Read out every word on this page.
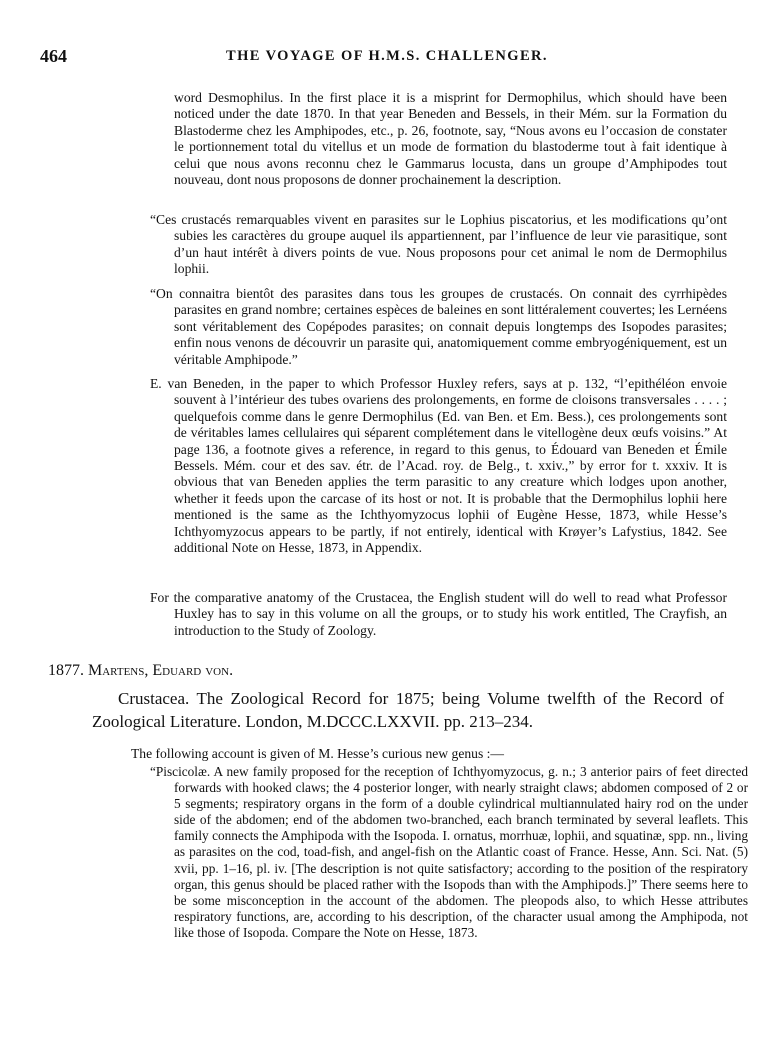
464	THE VOYAGE OF H.M.S. CHALLENGER.

word Desmophilus. In the first place it is a misprint for Dermophilus, which should have been noticed under the date 1870. In that year Beneden and Bessels, in their Mém. sur la Formation du Blastoderme chez les Amphipodes, etc., p. 26, footnote, say, “Nous avons eu l’occasion de constater le portionnement total du vitellus et un mode de formation du blastoderme tout à fait identique à celui que nous avons reconnu chez le Gammarus locusta, dans un groupe d’Amphipodes tout nouveau, dont nous proposons de donner prochainement la description.

“Ces crustacés remarquables vivent en parasites sur le Lophius piscatorius, et les modifications qu’ont subies les caractères du groupe auquel ils appartiennent, par l’influence de leur vie parasitique, sont d’un haut intérêt à divers points de vue. Nous proposons pour cet animal le nom de Dermophilus lophii.

“On connaitra bientôt des parasites dans tous les groupes de crustacés. On connait des cyrrhipèdes parasites en grand nombre; certaines espèces de baleines en sont littéralement couvertes; les Lernéens sont véritablement des Copépodes parasites; on connait depuis longtemps des Isopodes parasites; enfin nous venons de découvrir un parasite qui, anatomiquement comme embryogéniquement, est un véritable Amphipode.”

E. van Beneden, in the paper to which Professor Huxley refers, says at p. 132, “l’epithéléon envoie souvent à l’intérieur des tubes ovariens des prolongements, en forme de cloisons transversales . . . . ; quelquefois comme dans le genre Dermophilus (Ed. van Ben. et Em. Bess.), ces prolongements sont de véritables lames cellulaires qui séparent complétement dans le vitellogène deux œufs voisins.” At page 136, a footnote gives a reference, in regard to this genus, to Édouard van Beneden et Émile Bessels. Mém. cour et des sav. étr. de l’Acad. roy. de Belg., t. xxiv.,” by error for t. xxxiv. It is obvious that van Beneden applies the term parasitic to any creature which lodges upon another, whether it feeds upon the carcase of its host or not. It is probable that the Dermophilus lophii here mentioned is the same as the Ichthyomyzocus lophii of Eugène Hesse, 1873, while Hesse’s Ichthyomyzocus appears to be partly, if not entirely, identical with Krøyer’s Lafystius, 1842. See additional Note on Hesse, 1873, in Appendix.

For the comparative anatomy of the Crustacea, the English student will do well to read what Professor Huxley has to say in this volume on all the groups, or to study his work entitled, The Crayfish, an introduction to the Study of Zoology.

1877. Martens, Eduard von.
Crustacea. The Zoological Record for 1875; being Volume twelfth of the Record of Zoological Literature. London, M.DCCC.LXXVII. pp. 213–234.
The following account is given of M. Hesse’s curious new genus :—

“Piscicolæ. A new family proposed for the reception of Ichthyomyzocus, g. n.; 3 anterior pairs of feet directed forwards with hooked claws; the 4 posterior longer, with nearly straight claws; abdomen composed of 2 or 5 segments; respiratory organs in the form of a double cylindrical multiannulated hairy rod on the under side of the abdomen; end of the abdomen two-branched, each branch terminated by several leaflets. This family connects the Amphipoda with the Isopoda. I. ornatus, morrhuæ, lophii, and squatinæ, spp. nn., living as parasites on the cod, toad-fish, and angel-fish on the Atlantic coast of France. Hesse, Ann. Sci. Nat. (5) xvii, pp. 1–16, pl. iv. [The description is not quite satisfactory; according to the position of the respiratory organ, this genus should be placed rather with the Isopods than with the Amphipods.]” There seems here to be some misconception in the account of the abdomen. The pleopods also, to which Hesse attributes respiratory functions, are, according to his description, of the character usual among the Amphipoda, not like those of Isopoda. Compare the Note on Hesse, 1873.
